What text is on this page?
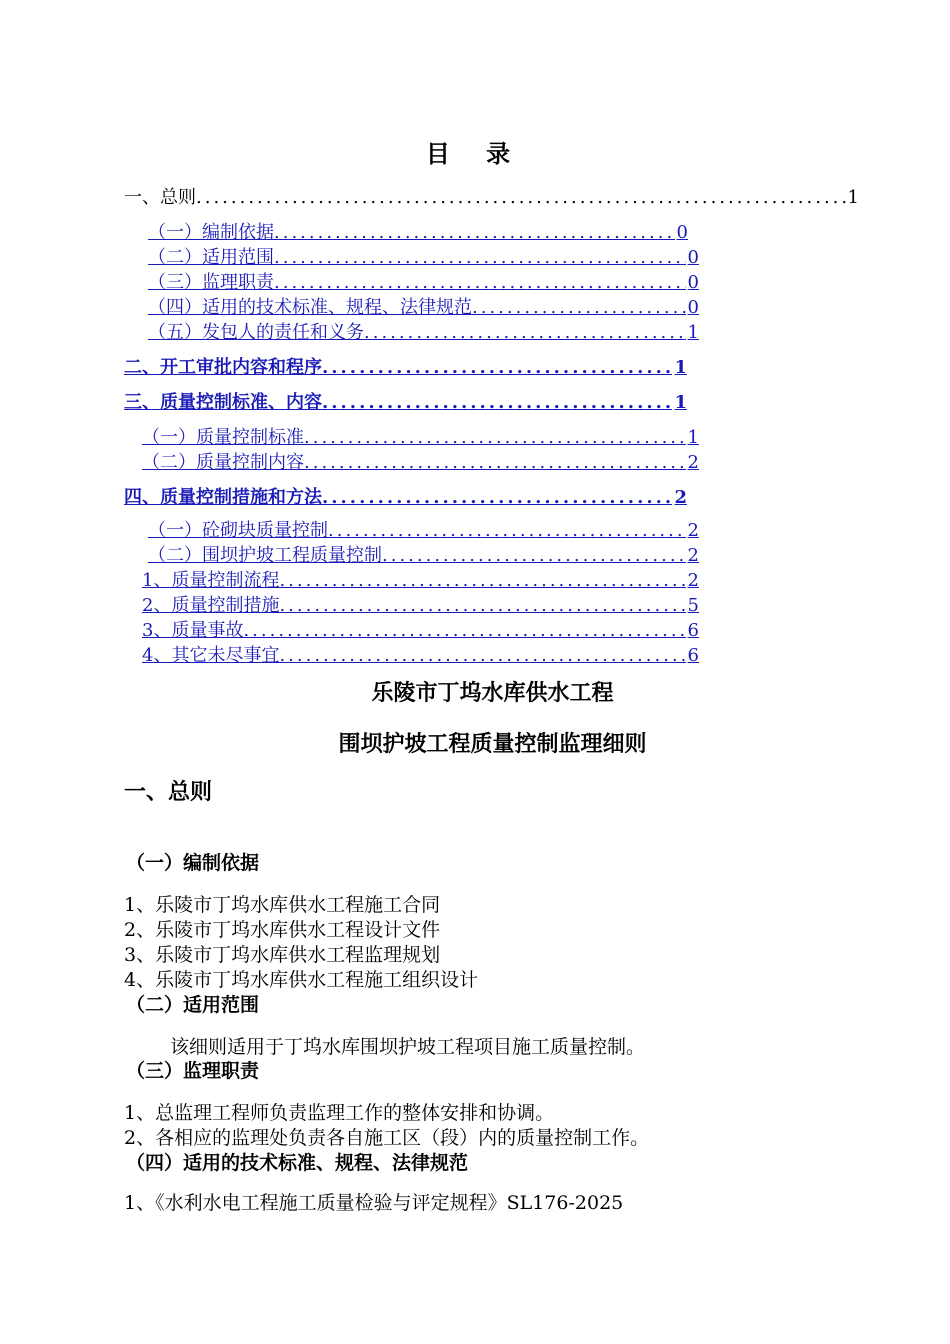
目 录
一、总则 .....	1
（一）编制依据 .....	0
（二）适用范围 .....	0
（三）监理职责 .....	0
（四）适用的技术标准、规程、法律规范 .....	0
（五）发包人的责任和义务 .....	1
二、开工审批内容和程序 .....	1
三、质量控制标准、内容 .....	1
（一）质量控制标准 .....	1
（二）质量控制内容 .....	2
四、质量控制措施和方法 .....	2
（一）砼砌块质量控制 .....	2
（二）围坝护坡工程质量控制 .....	2
1、质量控制流程 .....	2
2、质量控制措施 .....	5
3、质量事故 .....	6
4、其它未尽事宜 .....	6
乐陵市丁坞水库供水工程
围坝护坡工程质量控制监理细则
一、总则
（一）编制依据
1、乐陵市丁坞水库供水工程施工合同
2、乐陵市丁坞水库供水工程设计文件
3、乐陵市丁坞水库供水工程监理规划
4、乐陵市丁坞水库供水工程施工组织设计
（二）适用范围
该细则适用于丁坞水库围坝护坡工程项目施工质量控制。
（三）监理职责
1、总监理工程师负责监理工作的整体安排和协调。
2、各相应的监理处负责各自施工区（段）内的质量控制工作。
（四）适用的技术标准、规程、法律规范
1、《水利水电工程施工质量检验与评定规程》SL176-2025
